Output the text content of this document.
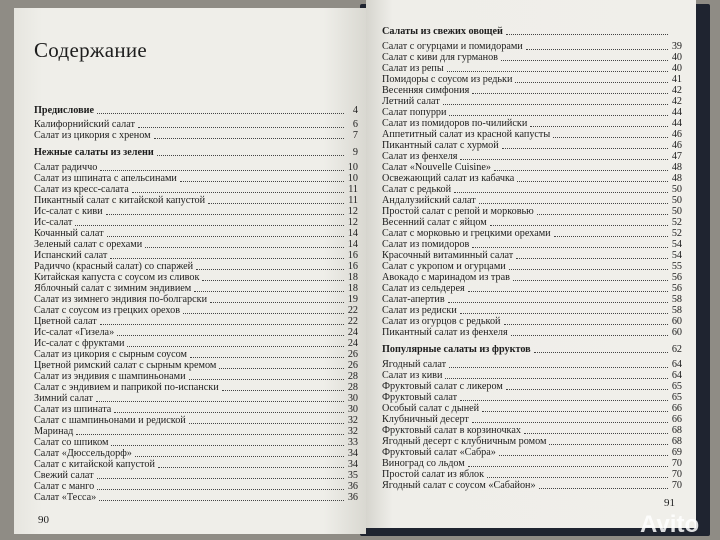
Содержание
Предисловие	4
Калифорнийский салат	6
Салат из цикория с хреном	7
Нежные салаты из зелени	9
Салат радиччо	10
Салат из шпината с апельсинами	10
Салат из кресс-салата	11
Пикантный салат с китайской капустой	11
Ис-салат с киви	12
Ис-салат	12
Кочанный салат	14
Зеленый салат с орехами	14
Испанский салат	16
Радиччо (красный салат) со спаржей	16
Китайская капуста с соусом из сливок	18
Яблочный салат с зимним эндивием	18
Салат из зимнего эндивия по-болгарски	19
Салат с соусом из грецких орехов	22
Цветной салат	22
Ис-салат «Гизела»	24
Ис-салат с фруктами	24
Салат из цикория с сырным соусом	26
Цветной римский салат с сырным кремом	26
Салат из эндивия с шампиньонами	28
Салат с эндивием и паприкой по-испански	28
Зимний салат	30
Салат из шпината	30
Салат с шампиньонами и редиской	32
Маринад	32
Салат со шпиком	33
Салат «Дюссельдорф»	34
Салат с китайской капустой	34
Свежий салат	35
Салат с манго	36
Салат «Тесса»	36
90
Салаты из свежих овощей
Салат с огурцами и помидорами	39
Салат с киви для гурманов	40
Салат из репы	40
Помидоры с соусом из редьки	41
Весенняя симфония	42
Летний салат	42
Салат попурри	44
Салат из помидоров по-чилийски	44
Аппетитный салат из красной капусты	46
Пикантный салат с хурмой	46
Салат из фенхеля	47
Салат «Nouvelle Cuisine»	48
Освежающий салат из кабачка	48
Салат с редькой	50
Андалузийский салат	50
Простой салат с репой и морковью	50
Весенний салат с яйцом	52
Салат с морковью и грецкими орехами	52
Салат из помидоров	54
Красочный витаминный салат	54
Салат с укропом и огурцами	55
Авокадо с маринадом из трав	56
Салат из сельдерея	56
Салат-апертив	58
Салат из редиски	58
Салат из огурцов с редькой	60
Пикантный салат из фенхеля	60
Популярные салаты из фруктов	62
Ягодный салат	64
Салат из киви	64
Фруктовый салат с ликером	65
Фруктовый салат	65
Особый салат с дыней	66
Клубничный десерт	66
Фруктовый салат в корзиночках	68
Ягодный десерт с клубничным ромом	68
Фруктовый салат «Сабра»	69
Виноград со льдом	70
Простой салат из яблок	70
Ягодный салат с соусом «Сабайон»	70
91
Avito
